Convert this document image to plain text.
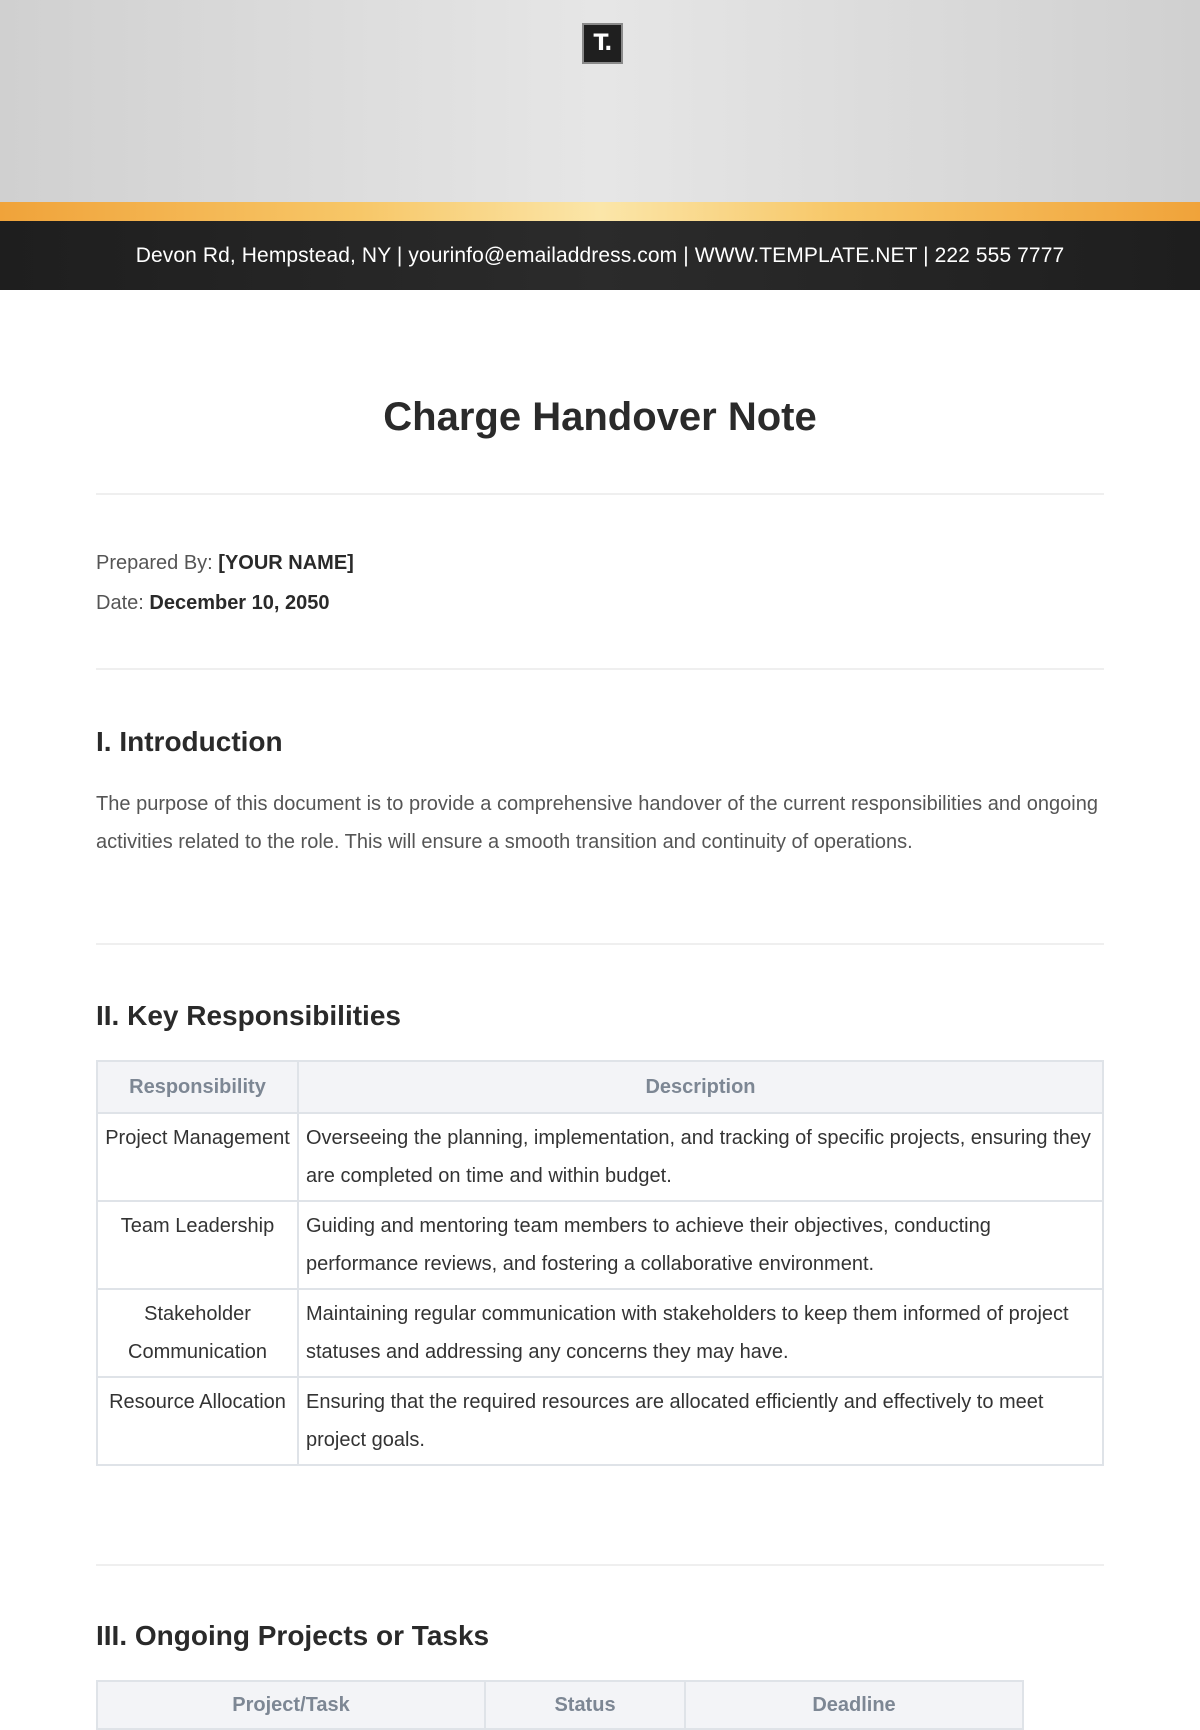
T.
Devon Rd, Hempstead, NY | yourinfo@emailaddress.com | WWW.TEMPLATE.NET | 222 555 7777
Charge Handover Note
Prepared By: [YOUR NAME]
Date: December 10, 2050
I. Introduction

The purpose of this document is to provide a comprehensive handover of the current responsibilities and ongoing activities related to the role. This will ensure a smooth transition and continuity of operations.

II. Key Responsibilities
Responsibility	Description
Project Management	Overseeing the planning, implementation, and tracking of specific projects, ensuring they are completed on time and within budget.
Team Leadership	Guiding and mentoring team members to achieve their objectives, conducting performance reviews, and fostering a collaborative environment.
Stakeholder Communication	Maintaining regular communication with stakeholders to keep them informed of project statuses and addressing any concerns they may have.
Resource Allocation	Ensuring that the required resources are allocated efficiently and effectively to meet project goals.
III. Ongoing Projects or Tasks
Project/Task	Status	Deadline
